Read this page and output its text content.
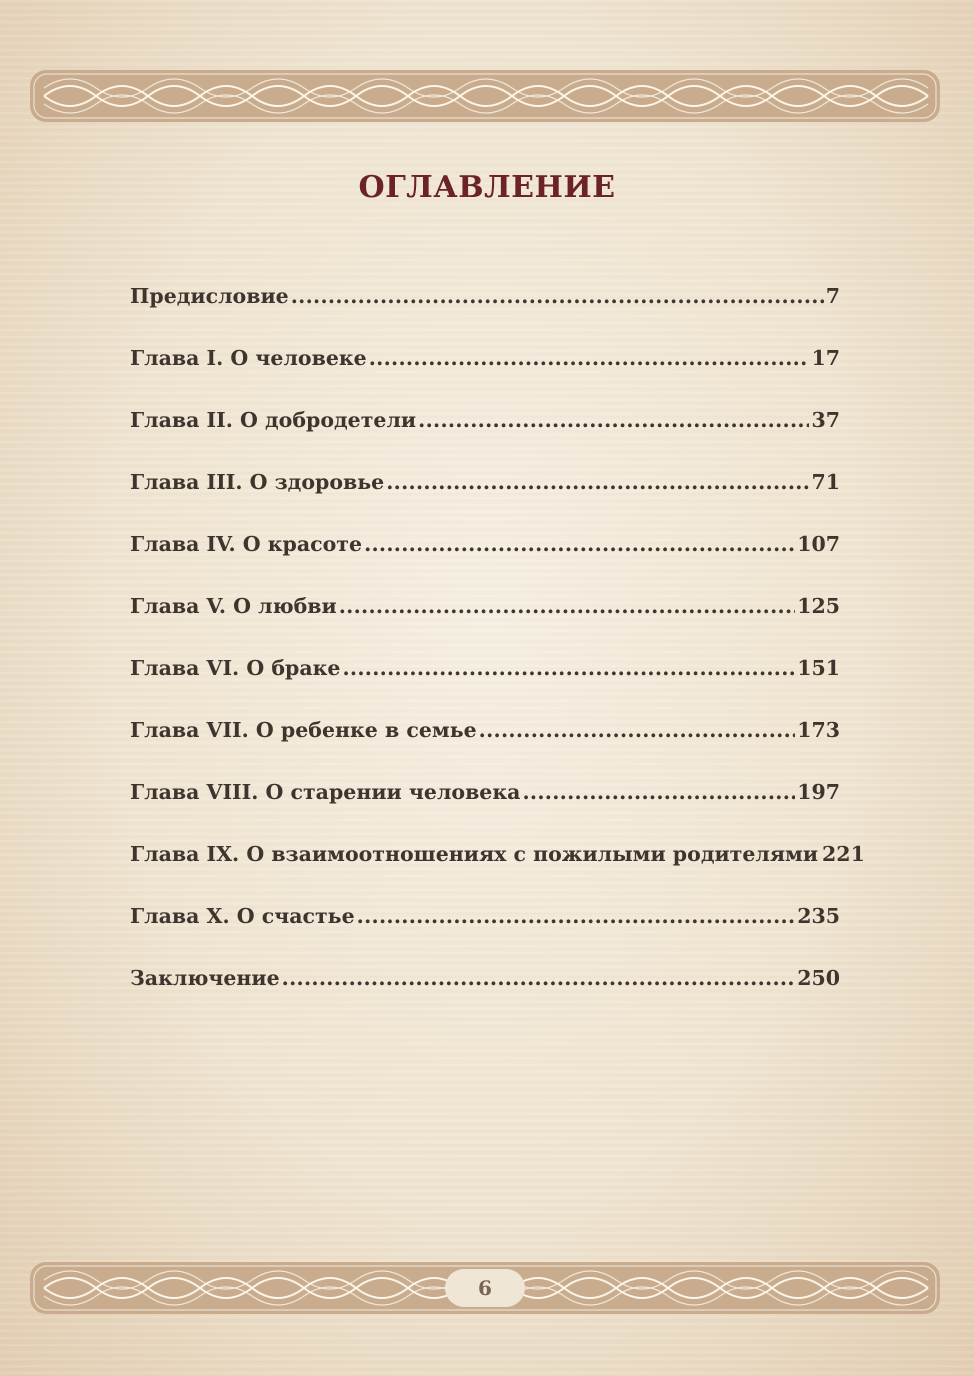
ОГЛАВЛЕНИЕ
Предисловие .....	7
Глава I. О человеке .....	17
Глава II. О добродетели .....	37
Глава III. О здоровье .....	71
Глава IV. О красоте .....	107
Глава V. О любви .....	125
Глава VI. О браке .....	151
Глава VII. О ребенке в семье .....	173
Глава VIII. О старении человека .....	197
Глава IX. О взаимоотношениях с пожилыми родителями 221
Глава X. О счастье .....	235
Заключение .....	250
6
